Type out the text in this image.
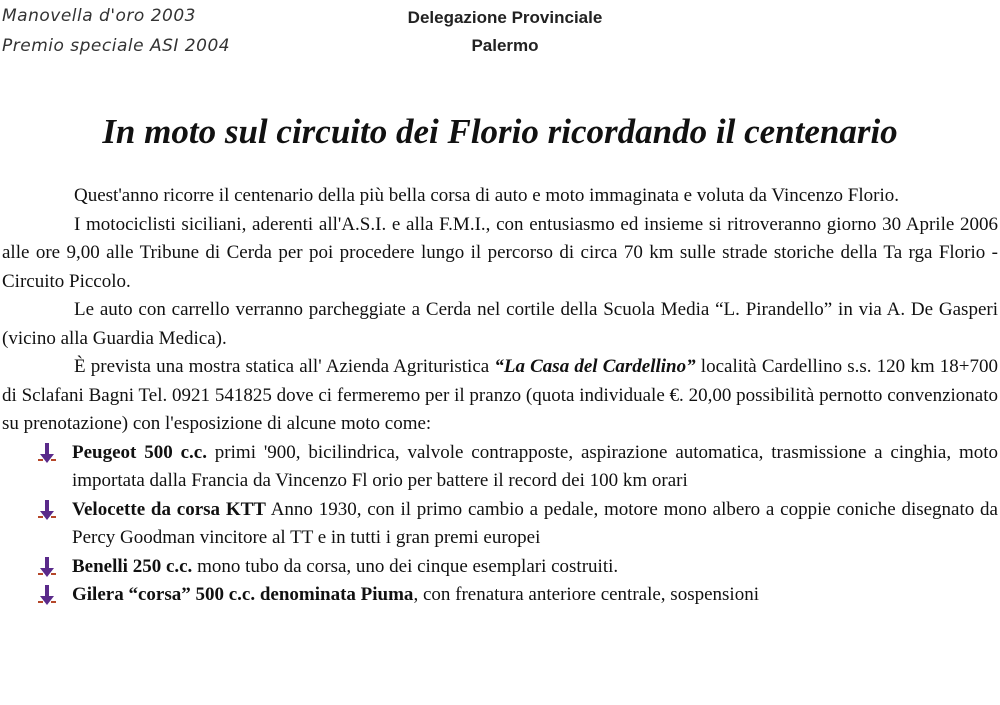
Manovella d'oro 2003
Premio speciale ASI 2004
Delegazione Provinciale
Palermo
In moto sul circuito dei Florio ricordando il centenario

Quest'anno ricorre il centenario della più bella corsa di auto e moto immaginata e voluta da Vincenzo Florio.

I motociclisti siciliani, aderenti all'A.S.I. e alla F.M.I., con entusiasmo ed insieme si ritroveranno giorno 30 Aprile 2006 alle ore 9,00 alle Tribune di Cerda per poi procedere lungo il percorso di circa 70 km sulle strade storiche della Ta rga Florio - Circuito Piccolo.

Le auto con carrello verranno parcheggiate a Cerda nel cortile della Scuola Media “L. Pirandello” in via A. De Gasperi (vicino alla Guardia Medica).

È prevista una mostra statica all' Azienda Agrituristica “La Casa del Cardellino” località Cardellino s.s. 120 km 18+700 di Sclafani Bagni Tel. 0921 541825 dove ci fermeremo per il pranzo (quota individuale €. 20,00 possibilità pernotto convenzionato su prenotazione) con l'esposizione di alcune moto come:

Peugeot 500 c.c. primi '900, bicilindrica, valvole contrapposte, aspirazione automatica, trasmissione a cinghia, moto importata dalla Francia da Vincenzo Fl orio per battere il record dei 100 km orari
Velocette da corsa KTT Anno 1930, con il primo cambio a pedale, motore mono albero a coppie coniche disegnato da Percy Goodman vincitore al TT e in tutti i gran premi europei
Benelli 250 c.c. mono tubo da corsa, uno dei cinque esemplari costruiti.
Gilera “corsa” 500 c.c. denominata Piuma, con frenatura anteriore centrale, sospensioni
